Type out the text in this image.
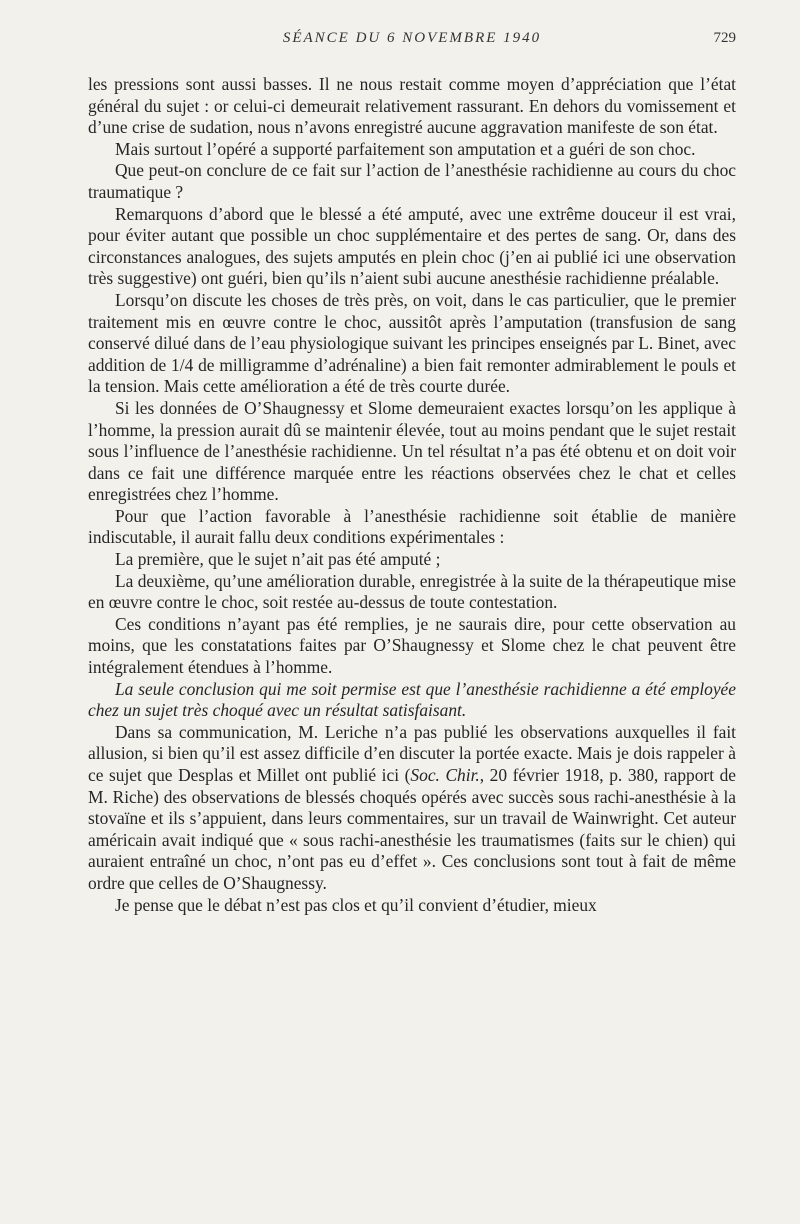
SÉANCE DU 6 NOVEMBRE 1940	729

les pressions sont aussi basses. Il ne nous restait comme moyen d’appréciation que l’état général du sujet : or celui-ci demeurait relativement rassurant. En dehors du vomissement et d’une crise de sudation, nous n’avons enregistré aucune aggravation manifeste de son état.

Mais surtout l’opéré a supporté parfaitement son amputation et a guéri de son choc.

Que peut-on conclure de ce fait sur l’action de l’anesthésie rachidienne au cours du choc traumatique ?

Remarquons d’abord que le blessé a été amputé, avec une extrême douceur il est vrai, pour éviter autant que possible un choc supplémentaire et des pertes de sang. Or, dans des circonstances analogues, des sujets amputés en plein choc (j’en ai publié ici une observation très suggestive) ont guéri, bien qu’ils n’aient subi aucune anesthésie rachidienne préalable.

Lorsqu’on discute les choses de très près, on voit, dans le cas particulier, que le premier traitement mis en œuvre contre le choc, aussitôt après l’amputation (transfusion de sang conservé dilué dans de l’eau physiologique suivant les principes enseignés par L. Binet, avec addition de 1/4 de milligramme d’adrénaline) a bien fait remonter admirablement le pouls et la tension. Mais cette amélioration a été de très courte durée.

Si les données de O’Shaugnessy et Slome demeuraient exactes lorsqu’on les applique à l’homme, la pression aurait dû se maintenir élevée, tout au moins pendant que le sujet restait sous l’influence de l’anesthésie rachidienne. Un tel résultat n’a pas été obtenu et on doit voir dans ce fait une différence marquée entre les réactions observées chez le chat et celles enregistrées chez l’homme.

Pour que l’action favorable à l’anesthésie rachidienne soit établie de manière indiscutable, il aurait fallu deux conditions expérimentales :

La première, que le sujet n’ait pas été amputé ;

La deuxième, qu’une amélioration durable, enregistrée à la suite de la thérapeutique mise en œuvre contre le choc, soit restée au-dessus de toute contestation.

Ces conditions n’ayant pas été remplies, je ne saurais dire, pour cette observation au moins, que les constatations faites par O’Shaugnessy et Slome chez le chat peuvent être intégralement étendues à l’homme.

La seule conclusion qui me soit permise est que l’anesthésie rachidienne a été employée chez un sujet très choqué avec un résultat satisfaisant.

Dans sa communication, M. Leriche n’a pas publié les observations auxquelles il fait allusion, si bien qu’il est assez difficile d’en discuter la portée exacte. Mais je dois rappeler à ce sujet que Desplas et Millet ont publié ici (Soc. Chir., 20 février 1918, p. 380, rapport de M. Riche) des observations de blessés choqués opérés avec succès sous rachi-anesthésie à la stovaïne et ils s’appuient, dans leurs commentaires, sur un travail de Wainwright. Cet auteur américain avait indiqué que « sous rachi-anesthésie les traumatismes (faits sur le chien) qui auraient entraîné un choc, n’ont pas eu d’effet ». Ces conclusions sont tout à fait de même ordre que celles de O’Shaugnessy.

Je pense que le débat n’est pas clos et qu’il convient d’étudier, mieux
